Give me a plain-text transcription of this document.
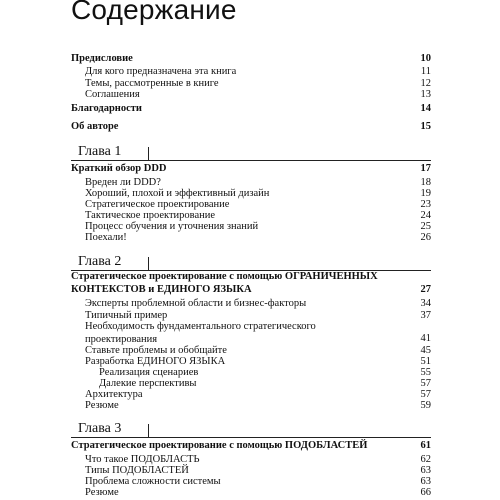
Содержание
Предисловие	10
Для кого предназначена эта книга	11
Темы, рассмотренные в книге	12
Соглашения	13
Благодарности	14
Об авторе	15
Глава 1
Краткий обзор DDD	17
Вреден ли DDD?	18
Хороший, плохой и эффективный дизайн	19
Стратегическое проектирование	23
Тактическое проектирование	24
Процесс обучения и уточнения знаний	25
Поехали!	26
Глава 2
Стратегическое проектирование с помощью ОГРАНИЧЕННЫХ
КОНТЕКСТОВ и ЕДИНОГО ЯЗЫКА	27
Эксперты проблемной области и бизнес-факторы	34
Типичный пример	37
Необходимость фундаментального стратегического
проектирования	41
Ставьте проблемы и обобщайте	45
Разработка ЕДИНОГО ЯЗЫКА	51
Реализация сценариев	55
Далекие перспективы	57
Архитектура	57
Резюме	59
Глава 3
Стратегическое проектирование с помощью ПОДОБЛАСТЕЙ	61
Что такое ПОДОБЛАСТЬ	62
Типы ПОДОБЛАСТЕЙ	63
Проблема сложности системы	63
Резюме	66
